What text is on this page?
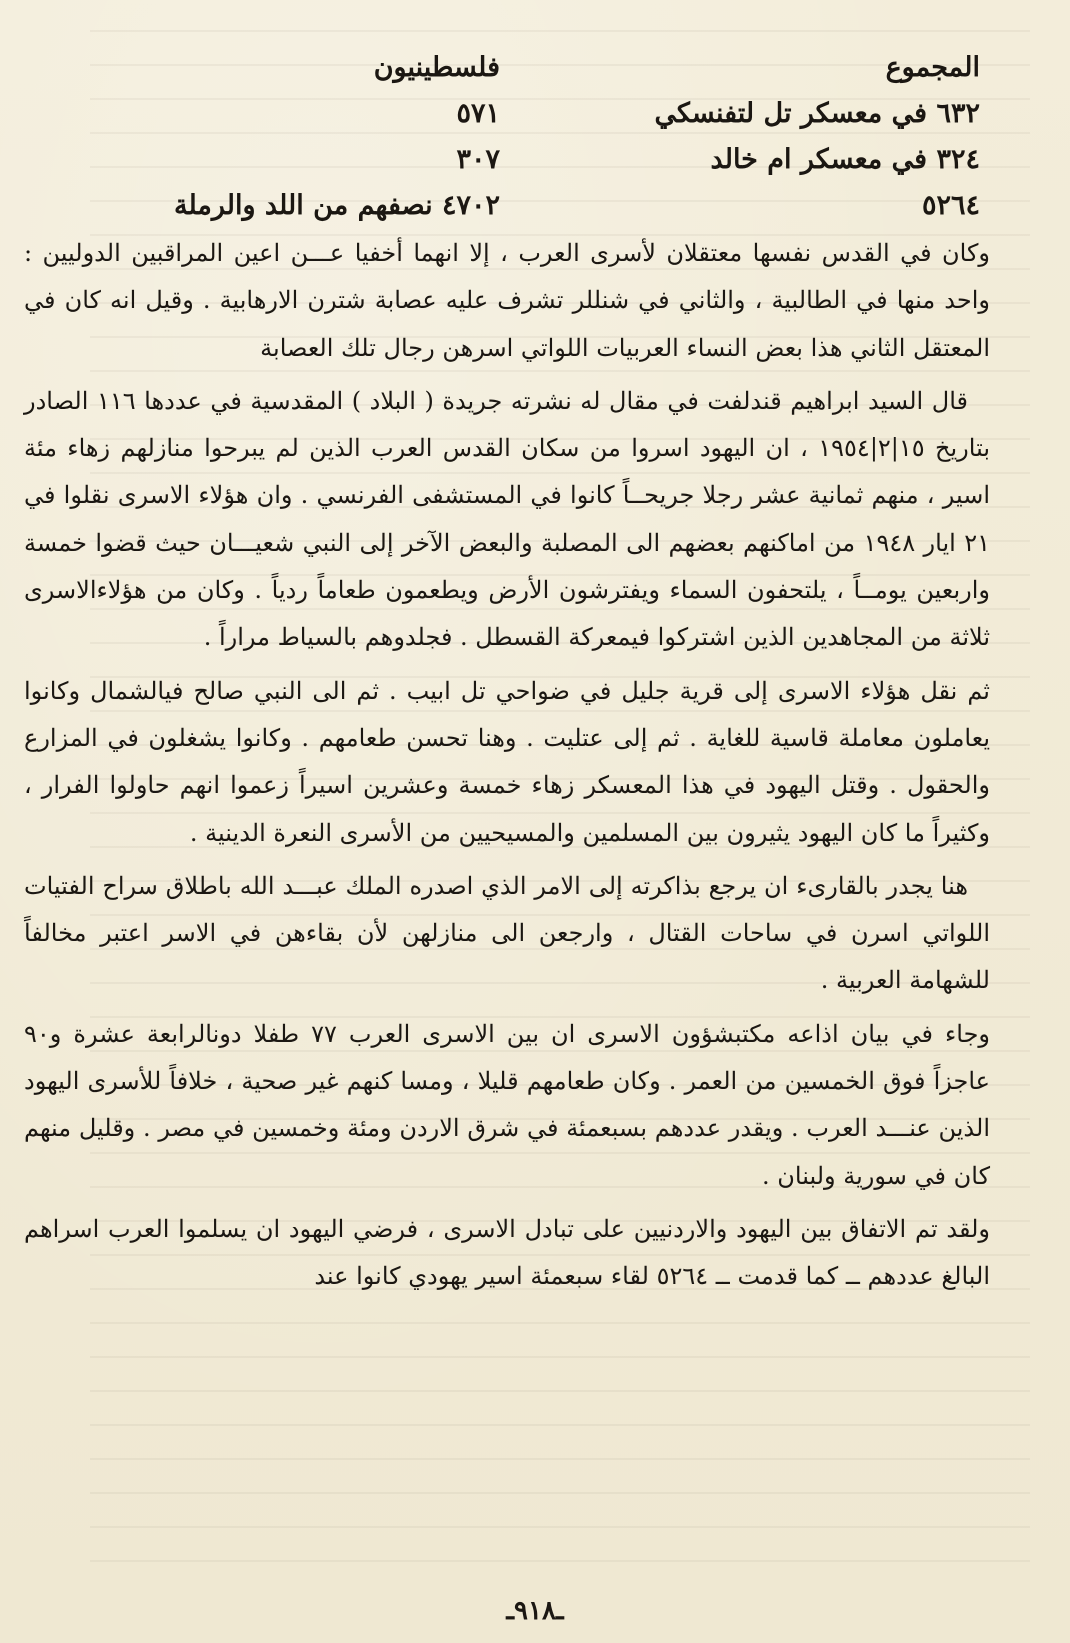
المجموع
فلسطينيون
٦٣٢ في معسكر تل لتفنسكي
٥٧١
٣٢٤ في معسكر ام خالد
٣٠٧
٥٢٦٤
٤٧٠٢ نصفهم من اللد والرملة

وكان في القدس نفسها معتقلان لأسرى العرب ، إلا انهما أخفيا عـــن اعين المراقبين الدوليين : واحد منها في الطالبية ، والثاني في شنللر تشرف عليه عصابة شترن الارهابية . وقيل انه كان في المعتقل الثاني هذا بعض النساء العربيات اللواتي اسرهن رجال تلك العصابة

قال السيد ابراهيم قندلفت في مقال له نشرته جريدة ( البلاد ) المقدسية في عددها ١١٦ الصادر بتاريخ ١٥|٢|١٩٥٤ ، ان اليهود اسروا من سكان القدس العرب الذين لم يبرحوا منازلهم زهاء مئة اسير ، منهم ثمانية عشر رجلا جريحــاً كانوا في المستشفى الفرنسي . وان هؤلاء الاسرى نقلوا في ٢١ ايار ١٩٤٨ من اماكنهم بعضهم الى المصلبة والبعض الآخر إلى النبي شعيـــان حيث قضوا خمسة واربعين يومــاً ، يلتحفون السماء ويفترشون الأرض ويطعمون طعاماً ردياً . وكان من هؤلاءالاسرى ثلاثة من المجاهدين الذين اشتركوا فيمعركة القسطل . فجلدوهم بالسياط مراراً .

ثم نقل هؤلاء الاسرى إلى قرية جليل في ضواحي تل ابيب . ثم الى النبي صالح فيالشمال وكانوا يعاملون معاملة قاسية للغاية . ثم إلى عتليت . وهنا تحسن طعامهم . وكانوا يشغلون في المزارع والحقول . وقتل اليهود في هذا المعسكر زهاء خمسة وعشرين اسيراً زعموا انهم حاولوا الفرار ، وكثيراً ما كان اليهود يثيرون بين المسلمين والمسيحيين من الأسرى النعرة الدينية .

هنا يجدر بالقارىء ان يرجع بذاكرته إلى الامر الذي اصدره الملك عبـــد الله باطلاق سراح الفتيات اللواتي اسرن في ساحات القتال ، وارجعن الى منازلهن لأن بقاءهن في الاسر اعتبر مخالفاً للشهامة العربية .

وجاء في بيان اذاعه مكتبشؤون الاسرى ان بين الاسرى العرب ٧٧ طفلا دونالرابعة عشرة و٩٠ عاجزاً فوق الخمسين من العمر . وكان طعامهم قليلا ، ومسا كنهم غير صحية ، خلافاً للأسرى اليهود الذين عنـــد العرب . ويقدر عددهم بسبعمئة في شرق الاردن ومئة وخمسين في مصر . وقليل منهم كان في سورية ولبنان .

ولقد تم الاتفاق بين اليهود والاردنيين على تبادل الاسرى ، فرضي اليهود ان يسلموا العرب اسراهم البالغ عددهم ــ كما قدمت ــ ٥٢٦٤ لقاء سبعمئة اسير يهودي كانوا عند

ـ٩١٨ـ
